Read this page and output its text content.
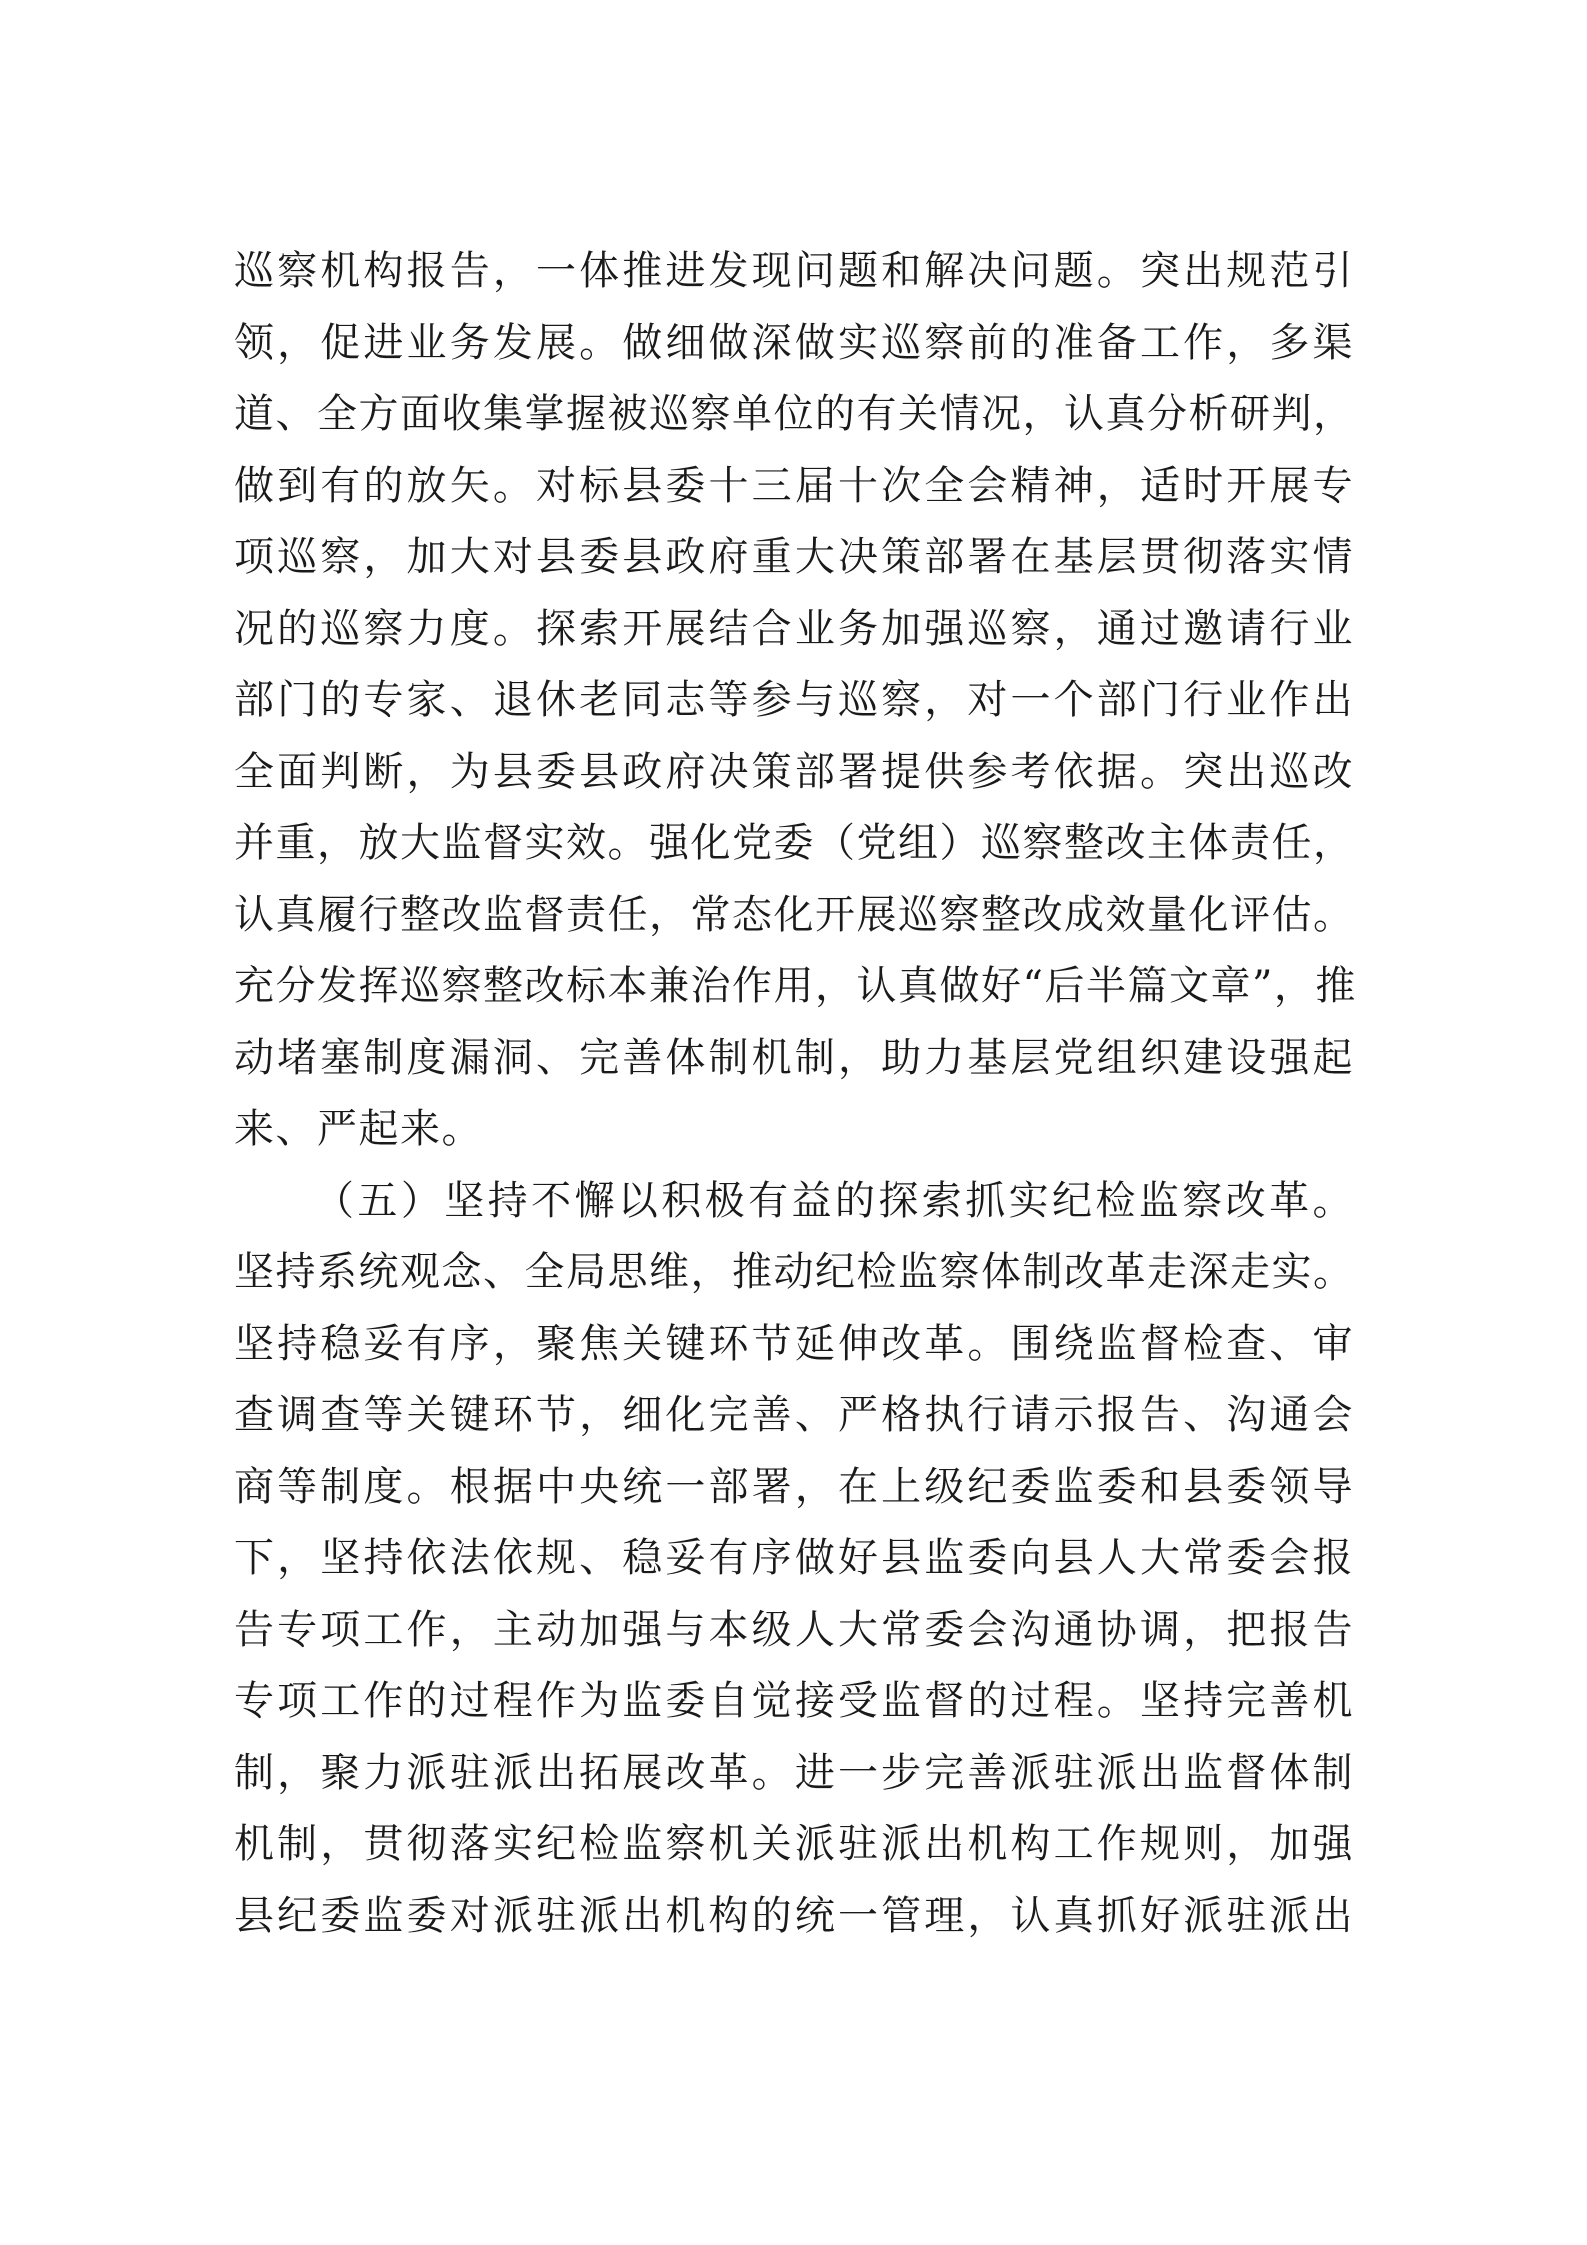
巡察机构报告，一体推进发现问题和解决问题。突出规范引
领，促进业务发展。做细做深做实巡察前的准备工作，多渠
道、全方面收集掌握被巡察单位的有关情况，认真分析研判，
做到有的放矢。对标县委十三届十次全会精神，适时开展专
项巡察，加大对县委县政府重大决策部署在基层贯彻落实情
况的巡察力度。探索开展结合业务加强巡察，通过邀请行业
部门的专家、退休老同志等参与巡察，对一个部门行业作出
全面判断，为县委县政府决策部署提供参考依据。突出巡改
并重，放大监督实效。强化党委（党组）巡察整改主体责任，
认真履行整改监督责任，常态化开展巡察整改成效量化评估。
充分发挥巡察整改标本兼治作用，认真做好“后半篇文章”，推
动堵塞制度漏洞、完善体制机制，助力基层党组织建设强起
来、严起来。
（五）坚持不懈以积极有益的探索抓实纪检监察改革。
坚持系统观念、全局思维，推动纪检监察体制改革走深走实。
坚持稳妥有序，聚焦关键环节延伸改革。围绕监督检查、审
查调查等关键环节，细化完善、严格执行请示报告、沟通会
商等制度。根据中央统一部署，在上级纪委监委和县委领导
下，坚持依法依规、稳妥有序做好县监委向县人大常委会报
告专项工作，主动加强与本级人大常委会沟通协调，把报告
专项工作的过程作为监委自觉接受监督的过程。坚持完善机
制，聚力派驻派出拓展改革。进一步完善派驻派出监督体制
机制，贯彻落实纪检监察机关派驻派出机构工作规则，加强
县纪委监委对派驻派出机构的统一管理，认真抓好派驻派出
